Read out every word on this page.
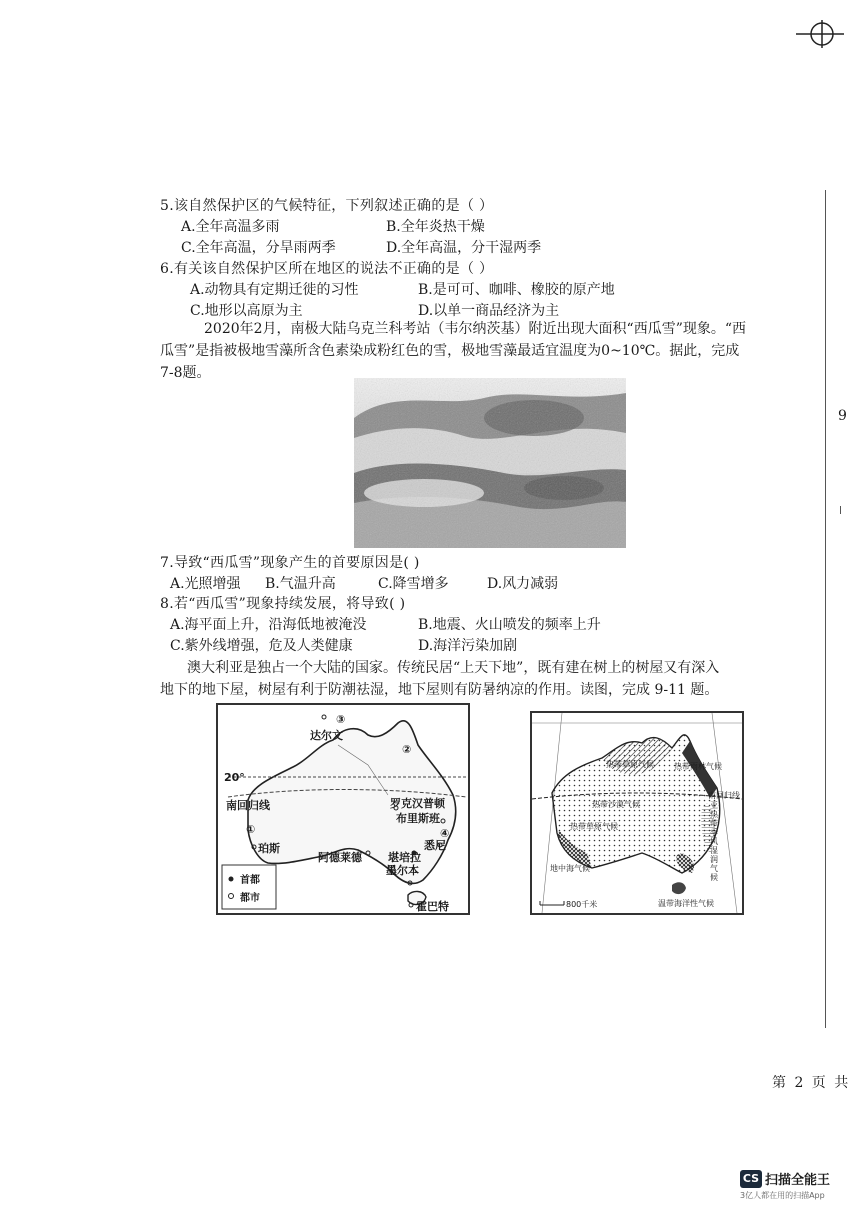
9
5.该自然保护区的气候特征，下列叙述正确的是（ ）
A.全年高温多雨	B.全年炎热干燥
C.全年高温，分旱雨两季	D.全年高温，分干湿两季
6.有关该自然保护区所在地区的说法不正确的是（ ）
A.动物具有定期迁徙的习性	B.是可可、咖啡、橡胶的原产地
C.地形以高原为主	D.以单一商品经济为主
2020年2月，南极大陆乌克兰科考站（韦尔纳茨基）附近出现大面积“西瓜雪”现象。“西
瓜雪”是指被极地雪藻所含色素染成粉红色的雪，极地雪藻最适宜温度为0~10℃。据此，完成
7-8题。
7.导致“西瓜雪”现象产生的首要原因是( )
A.光照增强 B.气温升高	C.降雪增多	D.风力减弱
8.若“西瓜雪”现象持续发展，将导致( )
A.海平面上升，沿海低地被淹没	B.地震、火山喷发的频率上升
C.紫外线增强，危及人类健康	D.海洋污染加剧
澳大利亚是独占一个大陆的国家。传统民居“上天下地”，既有建在树上的树屋又有深入
地下的地下屋，树屋有利于防潮祛湿，地下屋则有防暑纳凉的作用。读图，完成 9-11 题。
达尔文
③
②
20°
南回归线	罗克汉普顿
布里斯班
①	④
珀斯	悉尼
阿德莱德 堪培拉
墨尔本
霍巴特
首都
都市
热带草原气候	热带雨林气候
南回归线
热带沙漠气候	亚热带季风湿润气候
热带草原气候
地中海气候
温带海洋性气候
800千米
第 2 页 共
CS 扫描全能王
3亿人都在用的扫描App
